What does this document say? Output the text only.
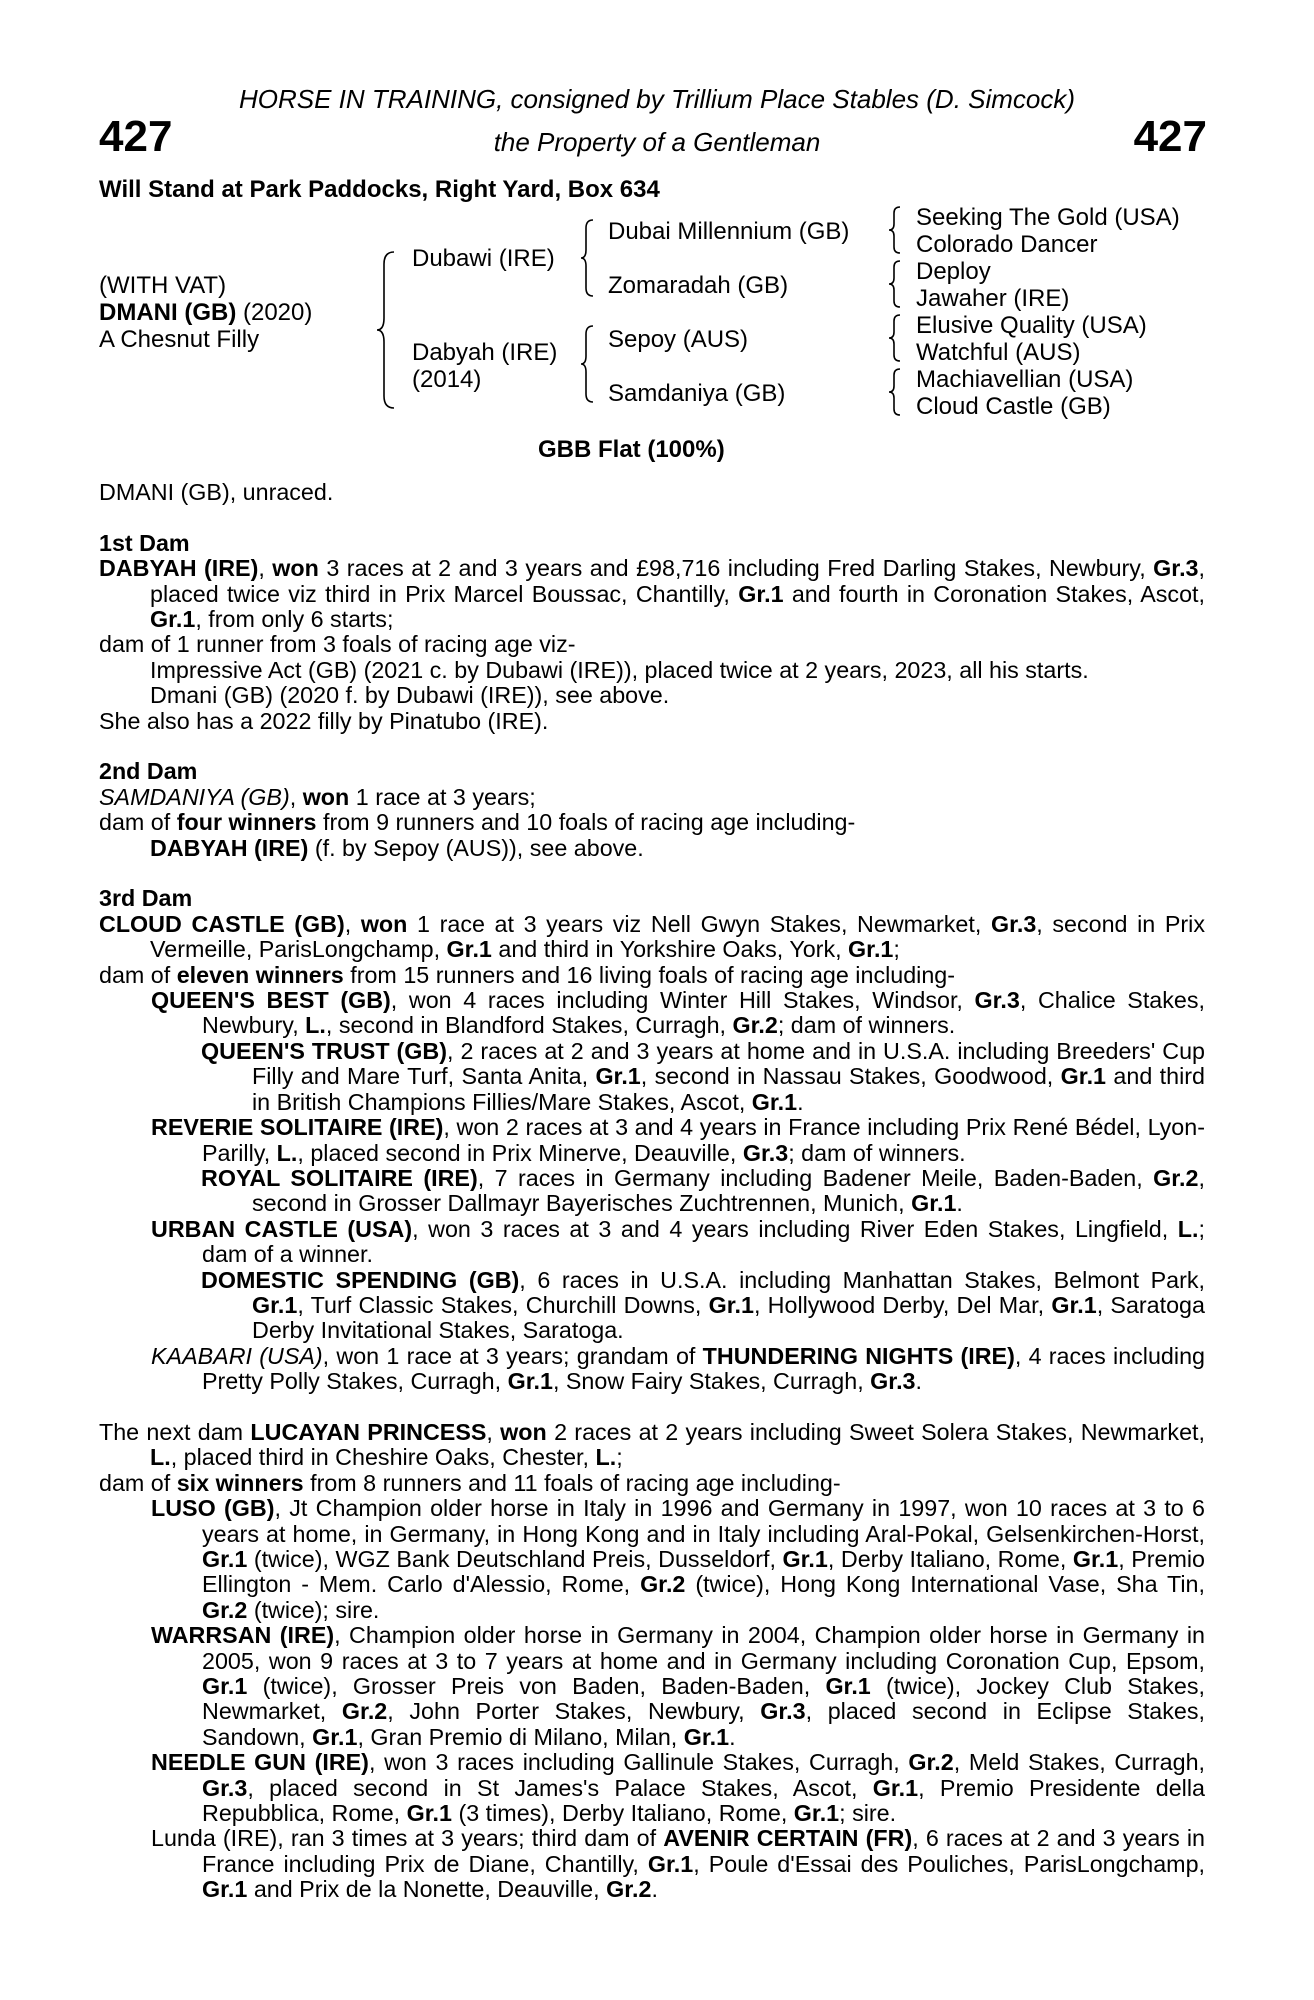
427	427
HORSE IN TRAINING, consigned by Trillium Place Stables (D. Simcock)
the Property of a Gentleman
Will Stand at Park Paddocks, Right Yard, Box 634
(WITH VAT)
DMANI (GB) (2020)
A Chesnut Filly
Dubawi (IRE)
Dabyah (IRE)
(2014)
Dubai Millennium (GB)
Zomaradah (GB)
Sepoy (AUS)
Samdaniya (GB)
Seeking The Gold (USA)
Colorado Dancer
Deploy
Jawaher (IRE)
Elusive Quality (USA)
Watchful (AUS)
Machiavellian (USA)
Cloud Castle (GB)
GBB Flat (100%)

DMANI (GB), unraced.

1st Dam

DABYAH (IRE), won 3 races at 2 and 3 years and £98,716 including Fred Darling Stakes, Newbury, Gr.3, placed twice viz third in Prix Marcel Boussac, Chantilly, Gr.1 and fourth in Coronation Stakes, Ascot, Gr.1, from only 6 starts;

dam of 1 runner from 3 foals of racing age viz-

Impressive Act (GB) (2021 c. by Dubawi (IRE)), placed twice at 2 years, 2023, all his starts.

Dmani (GB) (2020 f. by Dubawi (IRE)), see above.

She also has a 2022 filly by Pinatubo (IRE).

2nd Dam

SAMDANIYA (GB), won 1 race at 3 years;

dam of four winners from 9 runners and 10 foals of racing age including-

DABYAH (IRE) (f. by Sepoy (AUS)), see above.

3rd Dam

CLOUD CASTLE (GB), won 1 race at 3 years viz Nell Gwyn Stakes, Newmarket, Gr.3, second in Prix Vermeille, ParisLongchamp, Gr.1 and third in Yorkshire Oaks, York, Gr.1;

dam of eleven winners from 15 runners and 16 living foals of racing age including-

QUEEN'S BEST (GB), won 4 races including Winter Hill Stakes, Windsor, Gr.3, Chalice Stakes, Newbury, L., second in Blandford Stakes, Curragh, Gr.2; dam of winners.

QUEEN'S TRUST (GB), 2 races at 2 and 3 years at home and in U.S.A. including Breeders' Cup Filly and Mare Turf, Santa Anita, Gr.1, second in Nassau Stakes, Goodwood, Gr.1 and third in British Champions Fillies/Mare Stakes, Ascot, Gr.1.

REVERIE SOLITAIRE (IRE), won 2 races at 3 and 4 years in France including Prix René Bédel, Lyon-Parilly, L., placed second in Prix Minerve, Deauville, Gr.3; dam of winners.

ROYAL SOLITAIRE (IRE), 7 races in Germany including Badener Meile, Baden-Baden, Gr.2, second in Grosser Dallmayr Bayerisches Zuchtrennen, Munich, Gr.1.

URBAN CASTLE (USA), won 3 races at 3 and 4 years including River Eden Stakes, Lingfield, L.; dam of a winner.

DOMESTIC SPENDING (GB), 6 races in U.S.A. including Manhattan Stakes, Belmont Park, Gr.1, Turf Classic Stakes, Churchill Downs, Gr.1, Hollywood Derby, Del Mar, Gr.1, Saratoga Derby Invitational Stakes, Saratoga.

KAABARI (USA), won 1 race at 3 years; grandam of THUNDERING NIGHTS (IRE), 4 races including Pretty Polly Stakes, Curragh, Gr.1, Snow Fairy Stakes, Curragh, Gr.3.

The next dam LUCAYAN PRINCESS, won 2 races at 2 years including Sweet Solera Stakes, Newmarket, L., placed third in Cheshire Oaks, Chester, L.;

dam of six winners from 8 runners and 11 foals of racing age including-

LUSO (GB), Jt Champion older horse in Italy in 1996 and Germany in 1997, won 10 races at 3 to 6 years at home, in Germany, in Hong Kong and in Italy including Aral-Pokal, Gelsenkirchen-Horst, Gr.1 (twice), WGZ Bank Deutschland Preis, Dusseldorf, Gr.1, Derby Italiano, Rome, Gr.1, Premio Ellington - Mem. Carlo d'Alessio, Rome, Gr.2 (twice), Hong Kong International Vase, Sha Tin, Gr.2 (twice); sire.

WARRSAN (IRE), Champion older horse in Germany in 2004, Champion older horse in Germany in 2005, won 9 races at 3 to 7 years at home and in Germany including Coronation Cup, Epsom, Gr.1 (twice), Grosser Preis von Baden, Baden-Baden, Gr.1 (twice), Jockey Club Stakes, Newmarket, Gr.2, John Porter Stakes, Newbury, Gr.3, placed second in Eclipse Stakes, Sandown, Gr.1, Gran Premio di Milano, Milan, Gr.1.

NEEDLE GUN (IRE), won 3 races including Gallinule Stakes, Curragh, Gr.2, Meld Stakes, Curragh, Gr.3, placed second in St James's Palace Stakes, Ascot, Gr.1, Premio Presidente della Repubblica, Rome, Gr.1 (3 times), Derby Italiano, Rome, Gr.1; sire.

Lunda (IRE), ran 3 times at 3 years; third dam of AVENIR CERTAIN (FR), 6 races at 2 and 3 years in France including Prix de Diane, Chantilly, Gr.1, Poule d'Essai des Pouliches, ParisLongchamp, Gr.1 and Prix de la Nonette, Deauville, Gr.2.
